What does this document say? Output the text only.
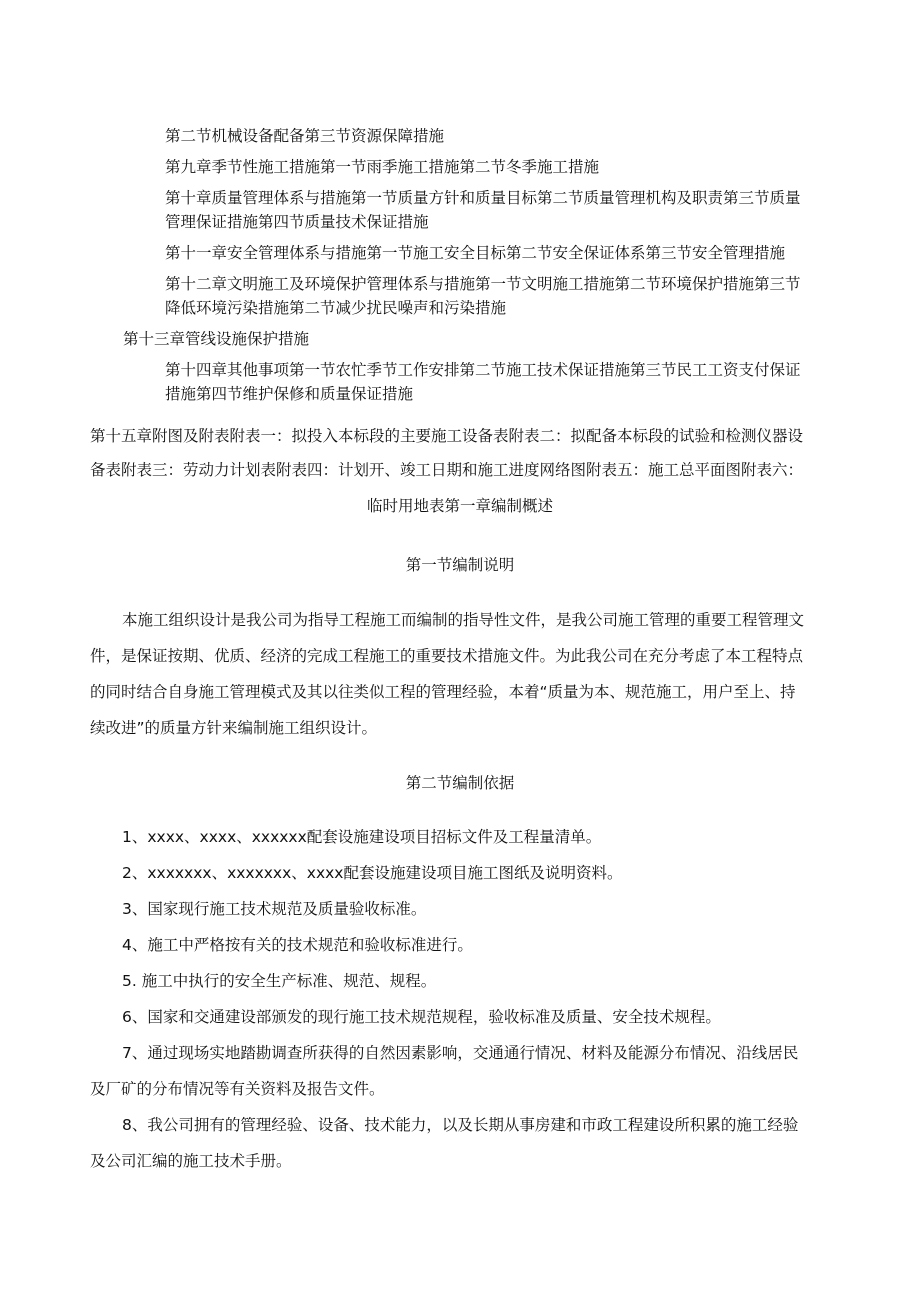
第二节机械设备配备第三节资源保障措施
第九章季节性施工措施第一节雨季施工措施第二节冬季施工措施
第十章质量管理体系与措施第一节质量方针和质量目标第二节质量管理机构及职责第三节质量
管理保证措施第四节质量技术保证措施
第十一章安全管理体系与措施第一节施工安全目标第二节安全保证体系第三节安全管理措施
第十二章文明施工及环境保护管理体系与措施第一节文明施工措施第二节环境保护措施第三节
降低环境污染措施第二节减少扰民噪声和污染措施
第十三章管线设施保护措施
第十四章其他事项第一节农忙季节工作安排第二节施工技术保证措施第三节民工工资支付保证
措施第四节维护保修和质量保证措施
第十五章附图及附表附表一：拟投入本标段的主要施工设备表附表二：拟配备本标段的试验和检测仪器设
备表附表三：劳动力计划表附表四：计划开、竣工日期和施工进度网络图附表五：施工总平面图附表六：
临时用地表第一章编制概述
第一节编制说明
本施工组织设计是我公司为指导工程施工而编制的指导性文件，是我公司施工管理的重要工程管理文
件，是保证按期、优质、经济的完成工程施工的重要技术措施文件。为此我公司在充分考虑了本工程特点
的同时结合自身施工管理模式及其以往类似工程的管理经验，本着“质量为本、规范施工，用户至上、持
续改进”的质量方针来编制施工组织设计。
第二节编制依据
1、xxxx、xxxx、xxxxxx配套设施建设项目招标文件及工程量清单。
2、xxxxxxx、xxxxxxx、xxxx配套设施建设项目施工图纸及说明资料。
3、国家现行施工技术规范及质量验收标准。
4、施工中严格按有关的技术规范和验收标准进行。
5. 施工中执行的安全生产标准、规范、规程。
6、国家和交通建设部颁发的现行施工技术规范规程，验收标准及质量、安全技术规程。
7、通过现场实地踏勘调查所获得的自然因素影响，交通通行情况、材料及能源分布情况、沿线居民
及厂矿的分布情况等有关资料及报告文件。
8、我公司拥有的管理经验、设备、技术能力，以及长期从事房建和市政工程建设所积累的施工经验
及公司汇编的施工技术手册。
